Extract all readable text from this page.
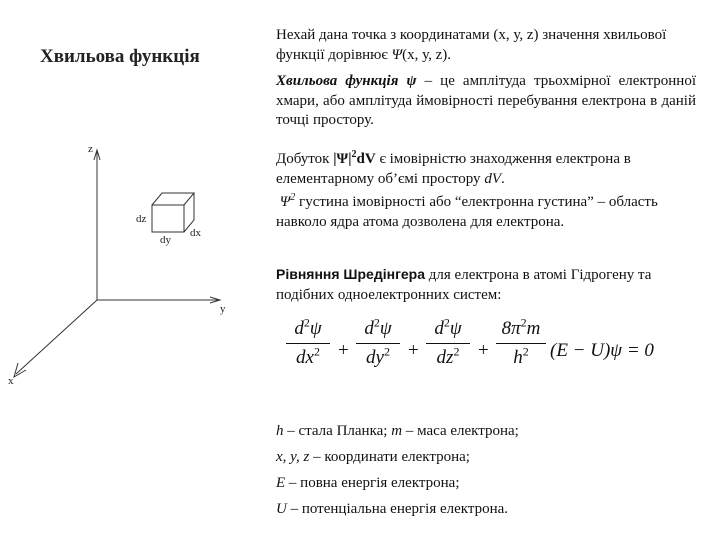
Хвильова функція
z
y
x
dz
dy
dx
Нехай дана точка з координатами (х, у, z) значення хвильової функції дорівнює Ψ(х, у, z).
Хвильова функція ψ – це амплітуда трьохмірної електронної хмари, або амплітуда ймовірності перебування електрона в даній точці простору.
Добуток $|\Psi|^2dV$ є імовірністю знаходження електрона в елементарному об’ємі простору dV.
$\Psi^2$ густина імовірності або “електронна густина” – область навколо ядра атома дозволена для електрона.
Рівняння Шредінгера для електрона в атомі Гідрогену та подібних одноелектронних систем:
$\frac{d^2\psi}{dx^2} + \frac{d^2\psi}{dy^2} + \frac{d^2\psi}{dz^2} + \frac{8\pi^2m}{h^2} (E - U)\psi = 0$
h – стала Планка; m – маса електрона;
x, y, z – координати електрона;
E – повна енергія електрона;
U – потенціальна енергія електрона.
